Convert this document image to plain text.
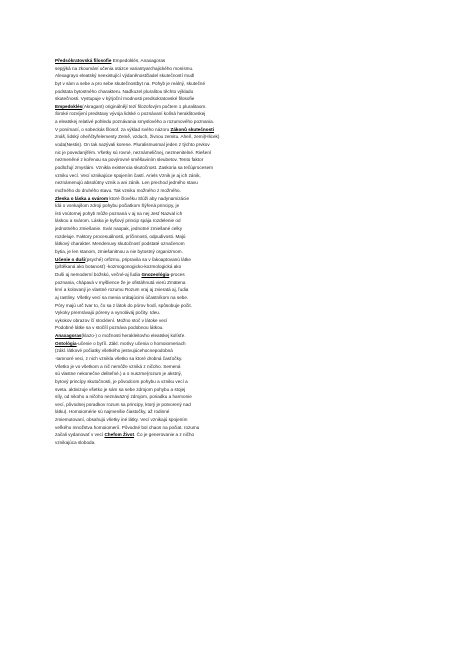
Předsókratovská filosofie Empedoklés, Anaxagoras
sepjýká na zkoumání učenia otázce variantyarchajického monismu.
Alexagrayo eleatský neexistující výdaněnostčladel skutečností mudl
byt v sám a sebe a pro sebe skutečnostbyt na. Pohyb je reálný, skutečné
podstata bytostného charakteru. Naďkuzel pluralitou těchto výkladu
skutečnosti. Vystupuje v kýrjoční modnosti predsokratovské filosofie
Empedoklés(Akragant) originálnějí tezí filozofovým počtem 1 pluralitaom.
Široké rozvíjení predstavy vývoja lidské o poznávaní kolísá heraklitovskej
a eleatskej relativé pohledu poznávania smyslového a rozumového poznania.
V ponímaní, o sobeckás filosof. za výklad svého názoru Zákonů skutečnosti
znáš, lidský oheňčtyřelementy Země, vzduch, živnou zemitu. Aheň, zemi(Hlicek)
voda(Nestis). On tak nazývali korene. Pluralismusmal jeden z týchto prvkov
nic je povedanýfém. Všetky sú rovné, neznámeličnej, nezmenitelné. Riešení
nezmeněné z kořenou sa povýrovné směšaviním sleubetov. Tento faktor
podložují zmyslám. Vznikla existencia skutočnost. Zaskoria sa tečúprocesem
vzniku vecí. Vecí vznikajúce spojením častí. Ariels Vznik je aj ich zánik,
neznámenujú absolútny vznik a ani zánik. Len prechod jedného stavu
možného do druhého stavu. Tak vzniku možného z možného.
Zleska o láska a svárom ktoré člověku Slúži aby nadynamizácie
Ídá o vonkajšom zdroji pohybu počiatkom Šýřená principy, je
ísti vnútornej pohyb může poznaná v aj na nej Jesť Nazval ich
láskou a svárom. Láska je kyšový princip spája rozdelenie od
jednotného zmiešanie. Svár naopak, jednotné zmiešané celky
rozdeluje. Faktory procesuálnosti, príčinnosti, odpudivosti. Majú
látkový charakter. Mendenuvy skutočnosť podstaté označenom
bytia, je len stanom, zmiešanitnou a nie bytostný organizmom.
Učenie o duši(psyché) orfizmu, pripravila sa v ľakoaptovanú látke
(pštěkaná ako botanosť) -kozmogonogicko-kozmologická ako
Duši aj nemoderní božskú, večné-aj ľudia Gnozeológia-proces
poznania, chápavá v myšlience že je ofistáhnutá vierú Zmätena
krví a kolovaný je vlastné rozumu Rozum vraj aj zvieratá aj, ľudia
aj rastliny. Všetky vecí sa menia vrátajúcimi účastníkom na sebe.
Póry majú urč tvar to, čo sa z látok do pórov hodí, spôsobuje počit.
Vykoky premrávajú póreny a vynoláváj počity. Ideu.
vykokov obrazov čí stocklení. Možno stoč v látoke vecí
Podobné látke sa v stočílí poznáva podobnou látkou.
Anaxagoras(klazo-) o možnosti herakleitovho eleatskej kolísťe.
Ontológia-učenie o byťíí. Zákl. motívy učenia o homoiomeriach
(zákl. látkové počiatky všetkého jestvujúcehocnepodobná
-tamnoré veci, z nich vznikla všetko sa ktoré drobná časťočky.
Všetko je vo všetkom a nič nemôže vzniká z ničoho. Semená
sú vlastne nekonečne deliteľné.) a o nuszme(rozum je akstný,
bytový princípy skutočnosti, je pôvodcom pohybu a vzniku vecí a
sveta. aktivizuje všetko je sám sa sebe zdrojom pohybu a stojej
síly, od nikoho a ničoho neznáväzný zdrojom, poriadku a harmonie
vecí, pôvodnej poradkov rozum sa principy, ktorý je potvorený nad
látku). Homoiomérie sú najmenšie čiastočky, až rodinné
zmiemutovaní, obsahujú všetky iné látky. Vecí vznikajú spojením
veľkého množstva homoiomerií. Pôvodné bol chaos na počiat. rozumu
začali vydanovať v vecí Chefom Život. Čo je generovanie a z ničho
vznikajúca sloboda.
